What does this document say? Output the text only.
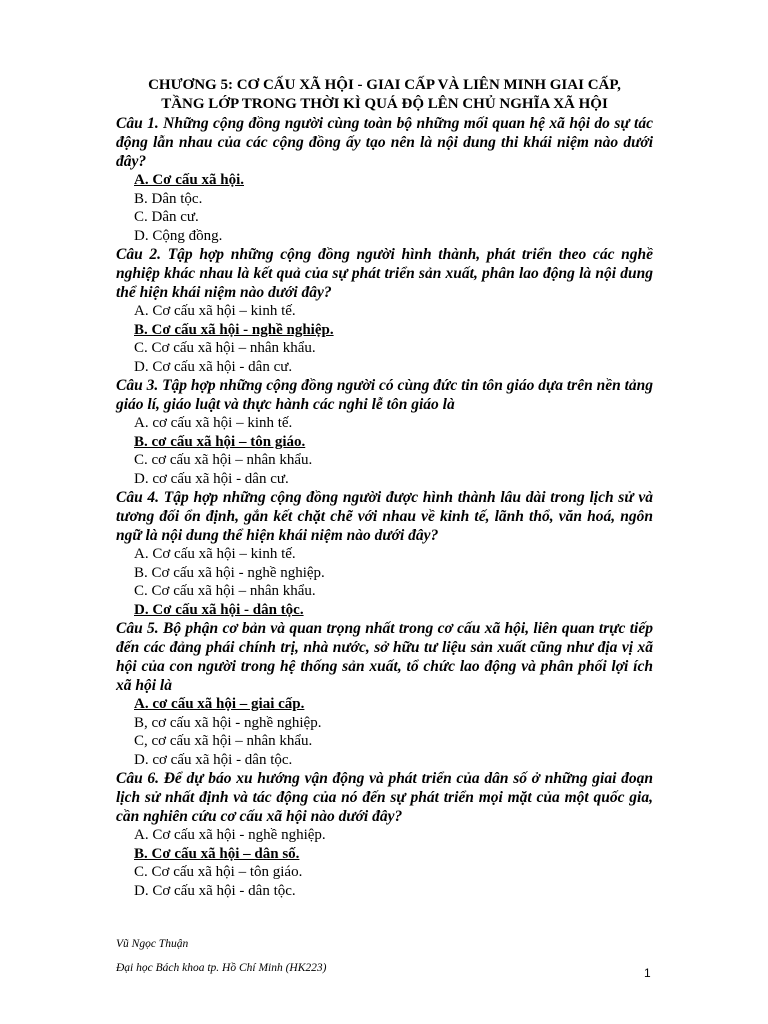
CHƯƠNG 5: CƠ CẤU XÃ HỘI - GIAI CẤP VÀ LIÊN MINH GIAI CẤP, TẦNG LỚP TRONG THỜI KÌ QUÁ ĐỘ LÊN CHỦ NGHĨA XÃ HỘI

Câu 1. Những cộng đồng người cùng toàn bộ những mối quan hệ xã hội do sự tác động lẫn nhau của các cộng đồng ấy tạo nên là nội dung thi khái niệm nào dưới đây?

A. Cơ cấu xã hội.
B. Dân tộc.
C. Dân cư.
D. Cộng đồng.

Câu 2. Tập hợp những cộng đồng người hình thành, phát triển theo các nghề nghiệp khác nhau là kết quả của sự phát triển sản xuất, phân lao động là nội dung thể hiện khái niệm nào dưới đây?

A. Cơ cấu xã hội – kinh tế.
B. Cơ cấu xã hội - nghề nghiệp.
C. Cơ cấu xã hội – nhân khẩu.
D. Cơ cấu xã hội - dân cư.

Câu 3. Tập hợp những cộng đồng người có cùng đức tin tôn giáo dựa trên nền tảng giáo lí, giáo luật và thực hành các nghi lễ tôn giáo là

A. cơ cấu xã hội – kinh tế.
B. cơ cấu xã hội – tôn giáo.
C. cơ cấu xã hội – nhân khẩu.
D. cơ cấu xã hội - dân cư.

Câu 4. Tập hợp những cộng đồng người được hình thành lâu dài trong lịch sử và tương đối ổn định, gắn kết chặt chẽ với nhau về kinh tế, lãnh thổ, văn hoá, ngôn ngữ là nội dung thể hiện khái niệm nào dưới đây?

A. Cơ cấu xã hội – kinh tế.
B. Cơ cấu xã hội - nghề nghiệp.
C. Cơ cấu xã hội – nhân khẩu.
D. Cơ cấu xã hội - dân tộc.

Câu 5. Bộ phận cơ bản và quan trọng nhất trong cơ cấu xã hội, liên quan trực tiếp đến các đảng phái chính trị, nhà nước, sở hữu tư liệu sản xuất cũng như địa vị xã hội của con người trong hệ thống sản xuất, tổ chức lao động và phân phối lợi ích xã hội là

A. cơ cấu xã hội – giai cấp.
B, cơ cấu xã hội - nghề nghiệp.
C, cơ cấu xã hội – nhân khẩu.
D. cơ cấu xã hội - dân tộc.

Câu 6. Để dự báo xu hướng vận động và phát triển của dân số ở những giai đoạn lịch sử nhất định và tác động của nó đến sự phát triển mọi mặt của một quốc gia, cần nghiên cứu cơ cấu xã hội nào dưới đây?

A. Cơ cấu xã hội - nghề nghiệp.
B. Cơ cấu xã hội – dân số.
C. Cơ cấu xã hội – tôn giáo.
D. Cơ cấu xã hội - dân tộc.
Vũ Ngọc Thuận
Đại học Bách khoa tp. Hồ Chí Minh (HK223)	1
